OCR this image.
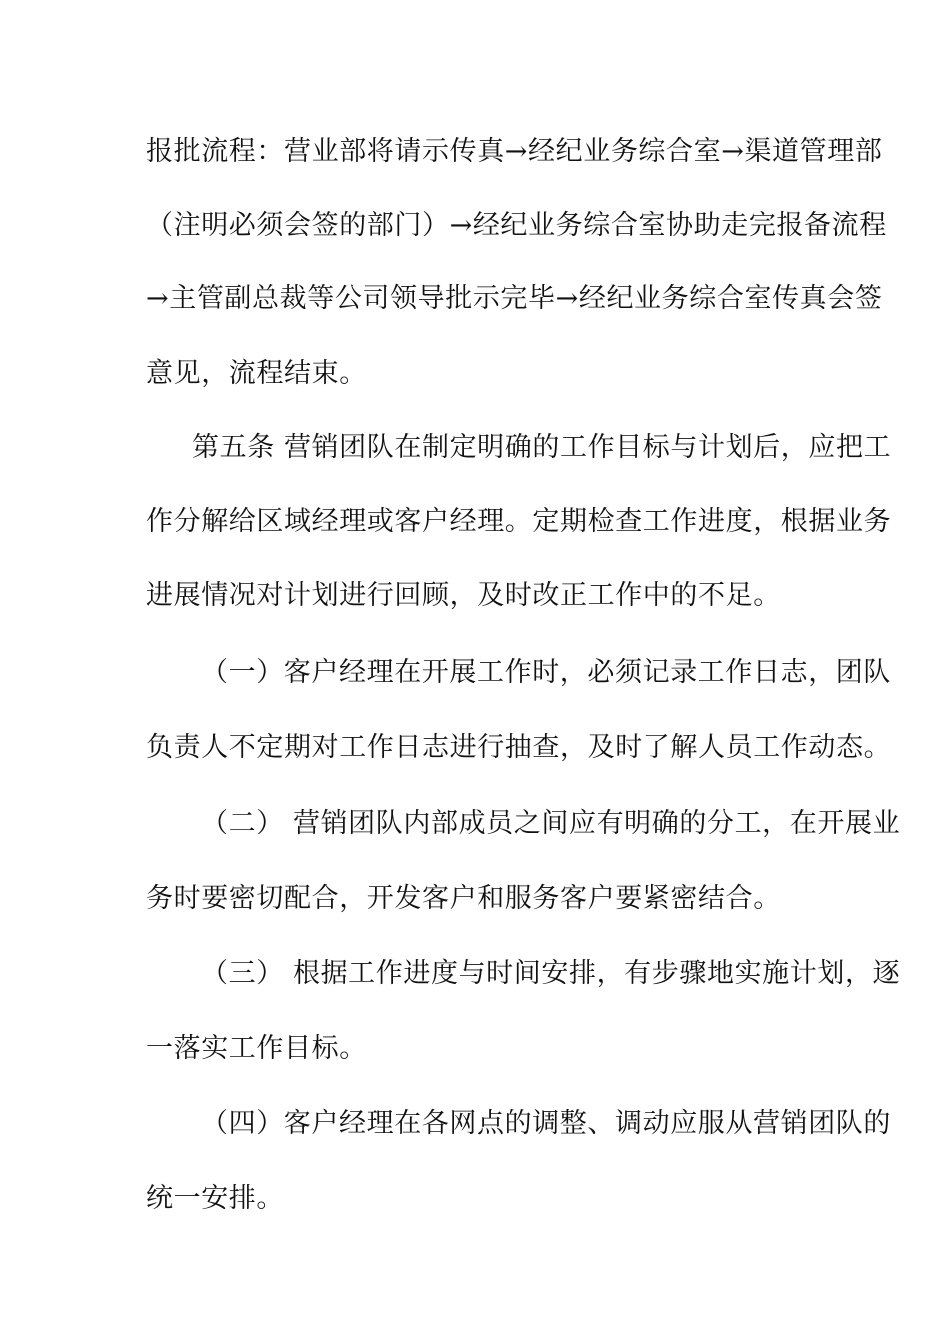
报批流程：营业部将请示传真→经纪业务综合室→渠道管理部
（注明必须会签的部门）→经纪业务综合室协助走完报备流程
→主管副总裁等公司领导批示完毕→经纪业务综合室传真会签
意见，流程结束。
第五条 营销团队在制定明确的工作目标与计划后，应把工
作分解给区域经理或客户经理。定期检查工作进度，根据业务
进展情况对计划进行回顾，及时改正工作中的不足。
（一）客户经理在开展工作时，必须记录工作日志，团队
负责人不定期对工作日志进行抽查，及时了解人员工作动态。
（二） 营销团队内部成员之间应有明确的分工，在开展业
务时要密切配合，开发客户和服务客户要紧密结合。
（三） 根据工作进度与时间安排，有步骤地实施计划，逐
一落实工作目标。
（四）客户经理在各网点的调整、调动应服从营销团队的
统一安排。
